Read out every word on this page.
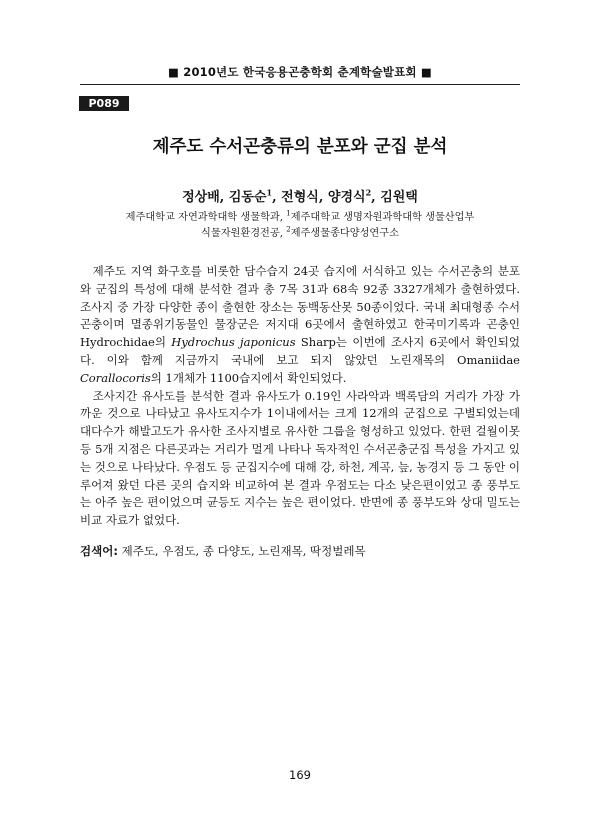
■ 2010년도 한국응용곤충학회 춘계학술발표회 ■
P089
제주도 수서곤충류의 분포와 군집 분석
정상배, 김동순$^1$, 전형식, 양경식$^2$, 김원택
제주대학교 자연과학대학 생물학과, $^1$제주대학교 생명자원과학대학 생물산업부
식물자원환경전공, $^2$제주생물종다양성연구소

제주도 지역 화구호를 비롯한 담수습지 24곳 습지에 서식하고 있는 수서곤충의 분포와 군집의 특성에 대해 분석한 결과 총 7목 31과 68속 92종 3327개체가 출현하였다. 조사지 중 가장 다양한 종이 출현한 장소는 동백동산못 50종이었다. 국내 최대형종 수서곤충이며 멸종위기동물인 물장군은 저지대 6곳에서 출현하였고 한국미기록과 곤충인 Hydrochidae의 Hydrochus japonicus Sharp는 이번에 조사지 6곳에서 확인되었다. 이와 함께 지금까지 국내에 보고 되지 않았던 노린재목의 Omaniidae Corallocoris의 1개체가 1100습지에서 확인되었다.

조사지간 유사도를 분석한 결과 유사도가 0.19인 사라악과 백록담의 거리가 가장 가까운 것으로 나타났고 유사도지수가 1이내에서는 크게 12개의 군집으로 구별되었는데 대다수가 해발고도가 유사한 조사지별로 유사한 그룹을 형성하고 있었다. 한편 걸월이못 등 5개 지점은 다른곳과는 거리가 멀게 나타나 독자적인 수서곤충군집 특성을 가지고 있는 것으로 나타났다. 우점도 등 군집지수에 대해 강, 하천, 계곡, 늪, 농경지 등 그 동안 이루어져 왔던 다른 곳의 습지와 비교하여 본 결과 우점도는 다소 낮은편이었고 종 풍부도는 아주 높은 편이었으며 균등도 지수는 높은 편이었다. 반면에 종 풍부도와 상대 밀도는 비교 자료가 없었다.

검색어: 제주도, 우점도, 종 다양도, 노린재목, 딱정벌레목
169
